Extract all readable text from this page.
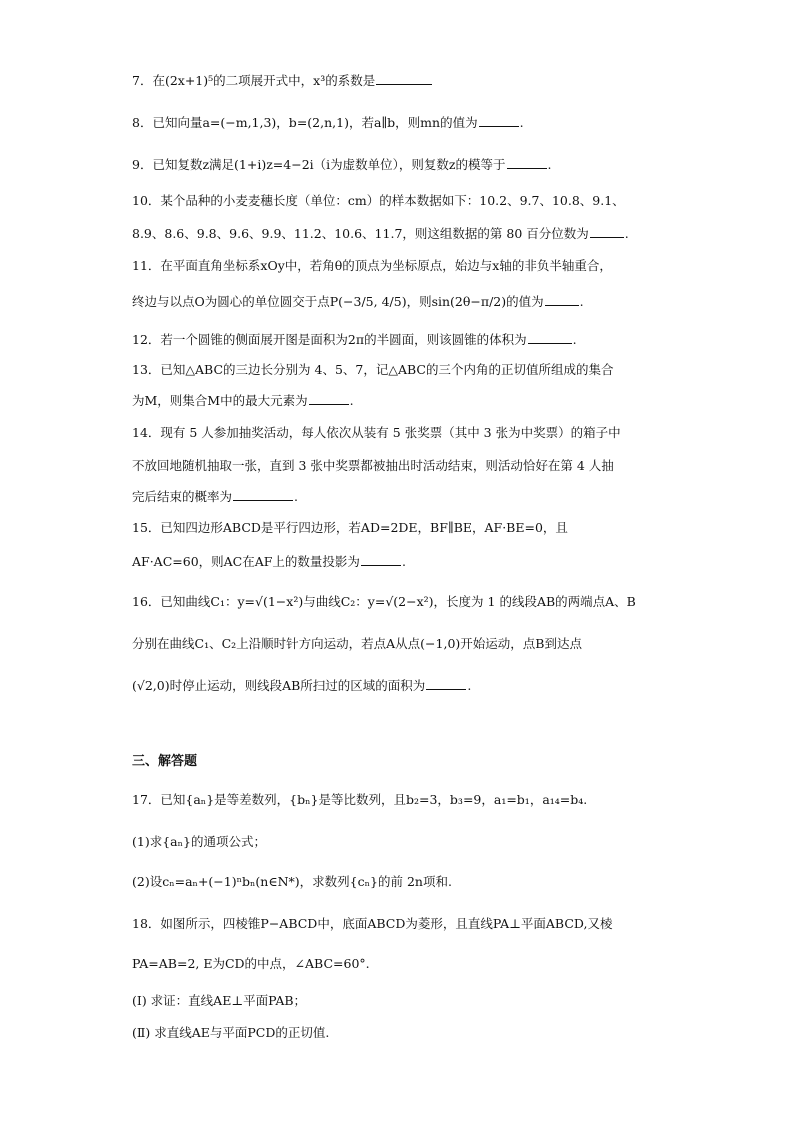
7．在(2x+1)⁵的二项展开式中，x³的系数是
8．已知向量a=(−m,1,3)，b=(2,n,1)，若a∥b，则mn的值为	.
9．已知复数z满足(1+i)z=4−2i（i为虚数单位），则复数z的模等于	.
10．某个品种的小麦麦穗长度（单位：cm）的样本数据如下：10.2、9.7、10.8、9.1、
8.9、8.6、9.8、9.6、9.9、11.2、10.6、11.7，则这组数据的第 80 百分位数为	.
11．在平面直角坐标系xOy中，若角θ的顶点为坐标原点，始边与x轴的非负半轴重合，
终边与以点O为圆心的单位圆交于点P(−3/5, 4/5)，则sin(2θ−π/2)的值为	.
12．若一个圆锥的侧面展开图是面积为2π的半圆面，则该圆锥的体积为	.
13．已知△ABC的三边长分别为 4、5、7，记△ABC的三个内角的正切值所组成的集合
为M，则集合M中的最大元素为	.
14．现有 5 人参加抽奖活动，每人依次从装有 5 张奖票（其中 3 张为中奖票）的箱子中
不放回地随机抽取一张，直到 3 张中奖票都被抽出时活动结束，则活动恰好在第 4 人抽
完后结束的概率为	.
15．已知四边形ABCD是平行四边形，若AD=2DE，BF∥BE，AF·BE=0，且
AF·AC=60，则AC在AF上的数量投影为	.
16．已知曲线C₁：y=√(1−x²)与曲线C₂：y=√(2−x²)，长度为 1 的线段AB的两端点A、B
分别在曲线C₁、C₂上沿顺时针方向运动，若点A从点(−1,0)开始运动，点B到达点
(√2,0)时停止运动，则线段AB所扫过的区域的面积为	.
三、解答题
17．已知{aₙ}是等差数列，{bₙ}是等比数列，且b₂=3，b₃=9，a₁=b₁，a₁₄=b₄.
(1)求{aₙ}的通项公式；
(2)设cₙ=aₙ+(−1)ⁿbₙ(n∈N*)，求数列{cₙ}的前 2n项和.
18．如图所示，四棱锥P−ABCD中，底面ABCD为菱形，且直线PA⊥平面ABCD,又棱
PA=AB=2, E为CD的中点，∠ABC=60°.
(Ⅰ) 求证：直线AE⊥平面PAB；
(Ⅱ) 求直线AE与平面PCD的正切值.
